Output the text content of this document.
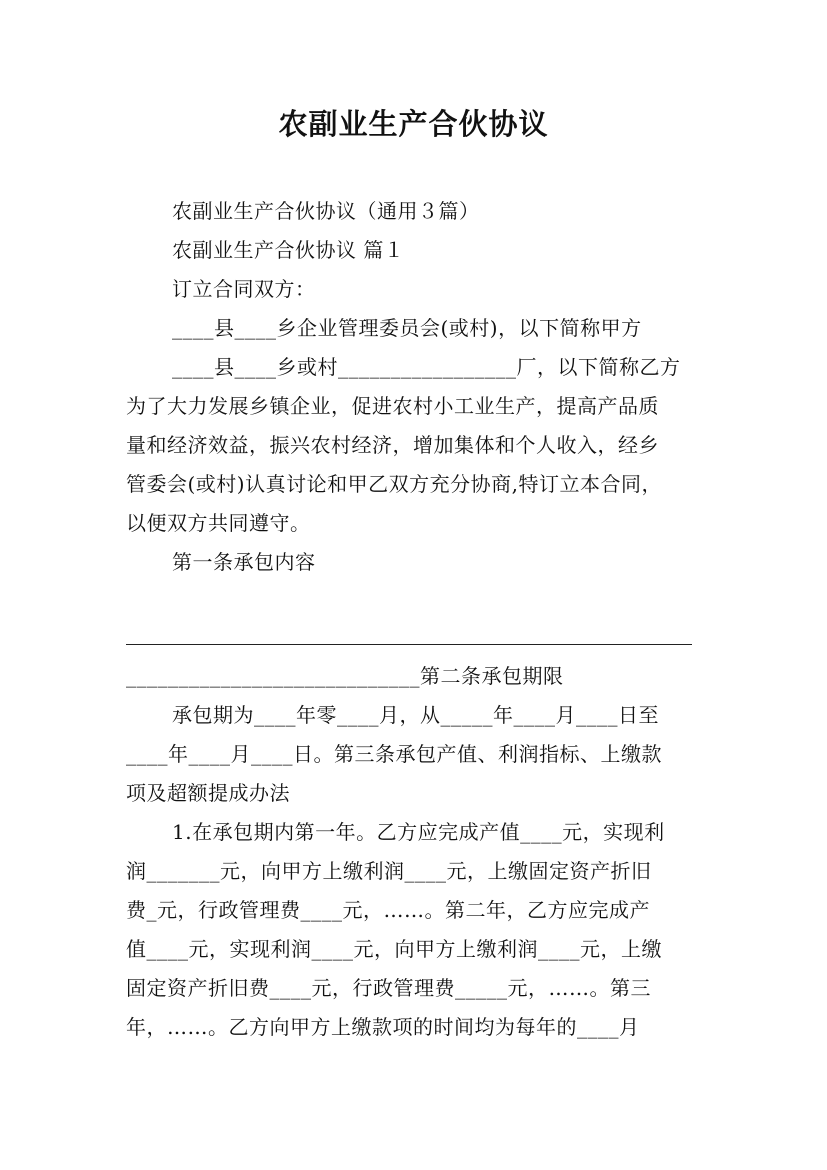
农副业生产合伙协议
农副业生产合伙协议（通用３篇）
农副业生产合伙协议 篇１
订立合同双方：
____县____乡企业管理委员会(或村)，以下简称甲方
____县____乡或村_________________厂，以下简称乙方
为了大力发展乡镇企业，促进农村小工业生产，提高产品质
量和经济效益，振兴农村经济，增加集体和个人收入，经乡
管委会(或村)认真讨论和甲乙双方充分协商,特订立本合同，
以便双方共同遵守。
第一条承包内容
____________________________第二条承包期限
承包期为____年零____月，从_____年____月____日至
____年____月____日。第三条承包产值、利润指标、上缴款
项及超额提成办法
1.在承包期内第一年。乙方应完成产值____元，实现利
润_______元，向甲方上缴利润____元，上缴固定资产折旧
费_元，行政管理费____元，……。第二年，乙方应完成产
值____元，实现利润____元，向甲方上缴利润____元，上缴
固定资产折旧费____元，行政管理费_____元，……。第三
年，……。乙方向甲方上缴款项的时间均为每年的____月
